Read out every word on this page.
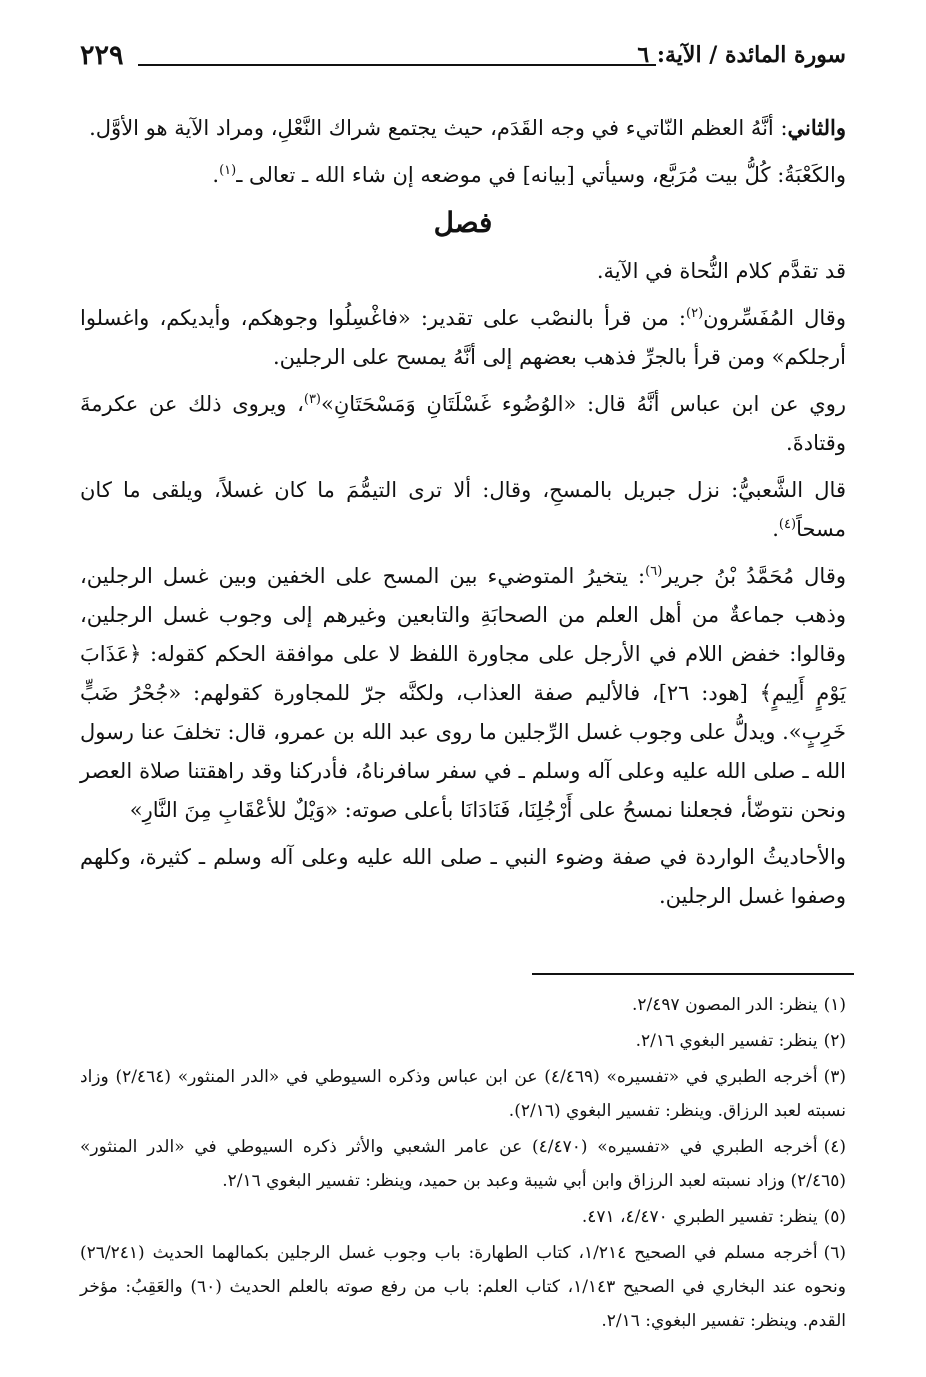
٢٢٩	سورة المائدة / الآية: ٦

والثاني: أنَّهُ العظم النّاتيء في وجه القَدَم، حيث يجتمع شراك النَّعْلِ، ومراد الآية هو الأوَّل.

والكَعْبَةُ: كُلُّ بيت مُرَبَّع، وسيأتي [بيانه] في موضعه إن شاء الله ـ تعالى ـ$^{(١)}$.

فصل

قد تقدَّم كلام النُّحاة في الآية.

وقال المُفَسِّرون$^{(٢)}$: من قرأ بالنصْب على تقدير: «فاغْسِلُوا وجوهكم، وأيديكم، واغسلوا أرجلكم» ومن قرأ بالجرِّ فذهب بعضهم إلى أنَّهُ يمسح على الرجلين.

روي عن ابن عباس أنَّهُ قال: «الوُضُوء غَسْلَتَانِ وَمَسْحَتَانِ»$^{(٣)}$، ويروى ذلك عن عكرمةَ وقتادةَ.

قال الشَّعبيُّ: نزل جبريل بالمسحِ، وقال: ألا ترى التيمُّمَ ما كان غسلاً، ويلقى ما كان مسحاً$^{(٤)}$.

وقال مُحَمَّدُ بْنُ جرير$^{(٦)}$: يتخيرُ المتوضيء بين المسح على الخفين وبين غسل الرجلين، وذهب جماعةٌ من أهل العلم من الصحابَةِ والتابعين وغيرهم إلى وجوب غسل الرجلين، وقالوا: خفض اللام في الأرجل على مجاورة اللفظ لا على موافقة الحكم كقوله: ﴿عَذَابَ يَوْمٍ أَلِيمٍ﴾ [هود: ٢٦]، فالأليم صفة العذاب، ولكنَّه جرّ للمجاورة كقولهم: «جُحْرُ ضَبٍّ خَرِبٍ». ويدلُّ على وجوب غسل الرِّجلين ما روى عبد الله بن عمرو، قال: تخلفَ عنا رسول الله ـ صلى الله عليه وعلى آله وسلم ـ في سفر سافرناهُ، فأدركنا وقد راهقتنا صلاة العصر ونحن نتوضّأ، فجعلنا نمسحُ على أَرْجُلِنَا، فَنَادَانَا بأعلى صوته: «وَيْلٌ للأعْقَابِ مِنَ النَّارِ»

والأحاديثُ الواردة في صفة وضوء النبي ـ صلى الله عليه وعلى آله وسلم ـ كثيرة، وكلهم وصفوا غسل الرجلين.

(١)ينظر: الدر المصون ٢/٤٩٧.
(٢)ينظر: تفسير البغوي ٢/١٦.
(٣)أخرجه الطبري في «تفسيره» (٤/٤٦٩) عن ابن عباس وذكره السيوطي في «الدر المنثور» (٢/٤٦٤) وزاد نسبته لعبد الرزاق. وينظر: تفسير البغوي (٢/١٦).
(٤)أخرجه الطبري في «تفسيره» (٤/٤٧٠) عن عامر الشعبي والأثر ذكره السيوطي في «الدر المنثور» (٢/٤٦٥) وزاد نسبته لعبد الرزاق وابن أبي شيبة وعبد بن حميد، وينظر: تفسير البغوي ٢/١٦.
(٥)ينظر: تفسير الطبري ٤/٤٧٠، ٤٧١.
(٦)أخرجه مسلم في الصحيح ١/٢١٤، كتاب الطهارة: باب وجوب غسل الرجلين بكمالهما الحديث (٢٦/٢٤١) ونحوه عند البخاري في الصحيح ١/١٤٣، كتاب العلم: باب من رفع صوته بالعلم الحديث (٦٠) والعَقِبُ: مؤخر القدم. وينظر: تفسير البغوي: ٢/١٦.
